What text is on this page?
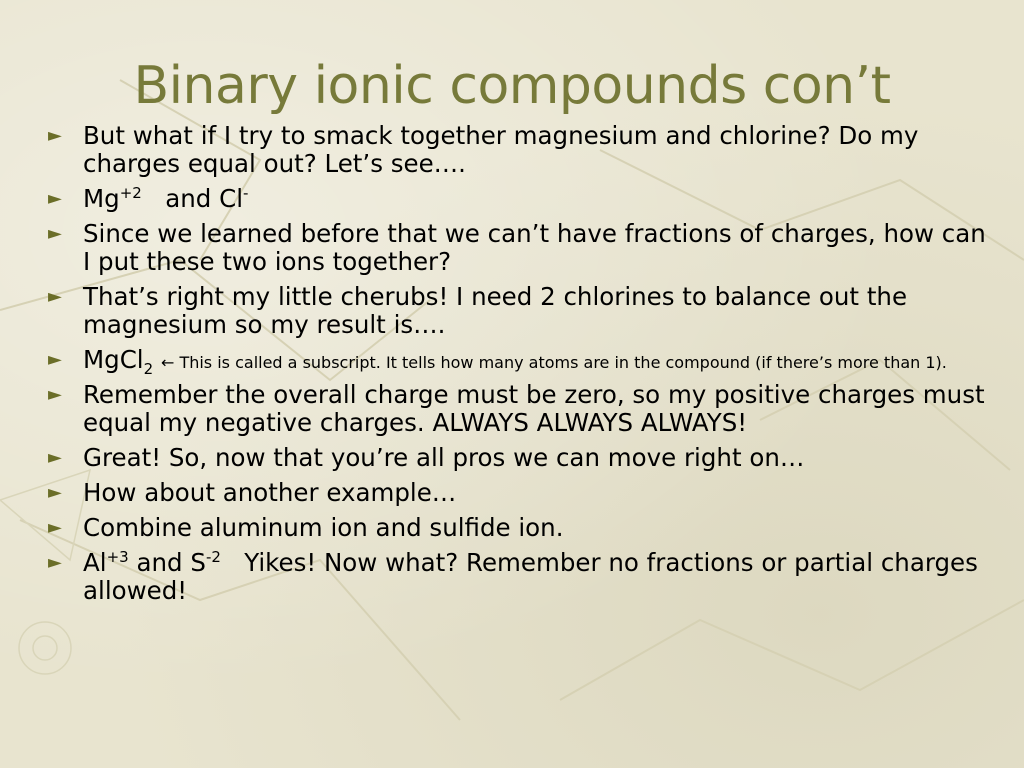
Binary ionic compounds con’t
► But what if I try to smack together magnesium and chlorine? Do my charges equal out? Let’s see….
► $Mg^{+2}$ and Cl-
► Since we learned before that we can’t have fractions of charges, how can I put these two ions together?
► That’s right my little cherubs! I need 2 chlorines to balance out the magnesium so my result is….
► MgCl$_2$ ← This is called a subscript. It tells how many atoms are in the compound (if there’s more than 1).
► Remember the overall charge must be zero, so my positive charges must equal my negative charges. ALWAYS ALWAYS ALWAYS!
► Great! So, now that you’re all pros we can move right on…
► How about another example…
► Combine aluminum ion and sulfide ion.
► $Al^{+3}$ and $S^{-2}$ Yikes! Now what? Remember no fractions or partial charges allowed!
